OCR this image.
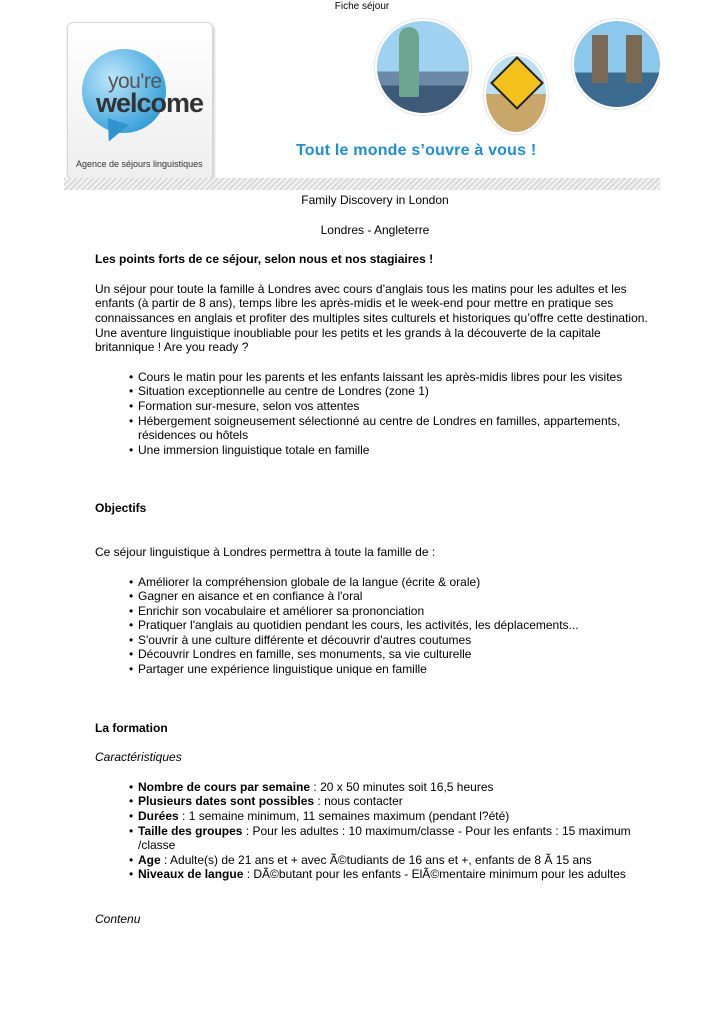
Fiche séjour
you're
welcome
Agence de séjours linguistiques
Tout le monde s’ouvre à vous !

Family Discovery in London

Londres - Angleterre

Les points forts de ce séjour, selon nous et nos stagiaires !

Un séjour pour toute la famille à Londres avec cours d’anglais tous les matins pour les adultes et les enfants (à partir de 8 ans), temps libre les après-midis et le week-end pour mettre en pratique ses connaissances en anglais et profiter des multiples sites culturels et historiques qu’offre cette destination.

Une aventure linguistique inoubliable pour les petits et les grands à la découverte de la capitale britannique ! Are you ready ?

• Cours le matin pour les parents et les enfants laissant les après-midis libres pour les visites
• Situation exceptionnelle au centre de Londres (zone 1)
• Formation sur-mesure, selon vos attentes
• Hébergement soigneusement sélectionné au centre de Londres en familles, appartements, résidences ou hôtels
• Une immersion linguistique totale en famille

Objectifs

Ce séjour linguistique à Londres permettra à toute la famille de :

• Améliorer la compréhension globale de la langue (écrite & orale)
• Gagner en aisance et en confiance à l'oral
• Enrichir son vocabulaire et améliorer sa prononciation
• Pratiquer l'anglais au quotidien pendant les cours, les activités, les déplacements...
• S'ouvrir à une culture différente et découvrir d'autres coutumes
• Découvrir Londres en famille, ses monuments, sa vie culturelle
• Partager une expérience linguistique unique en famille

La formation

Caractéristiques

• Nombre de cours par semaine : 20 x 50 minutes soit 16,5 heures
• Plusieurs dates sont possibles : nous contacter
• Durées : 1 semaine minimum, 11 semaines maximum (pendant l?été)
• Taille des groupes : Pour les adultes : 10 maximum/classe - Pour les enfants : 15 maximum /classe
• Age : Adulte(s) de 21 ans et + avec Ã©tudiants de 16 ans et +, enfants de 8 Ã 15 ans
• Niveaux de langue : DÃ©butant pour les enfants - ElÃ©mentaire minimum pour les adultes

Contenu
